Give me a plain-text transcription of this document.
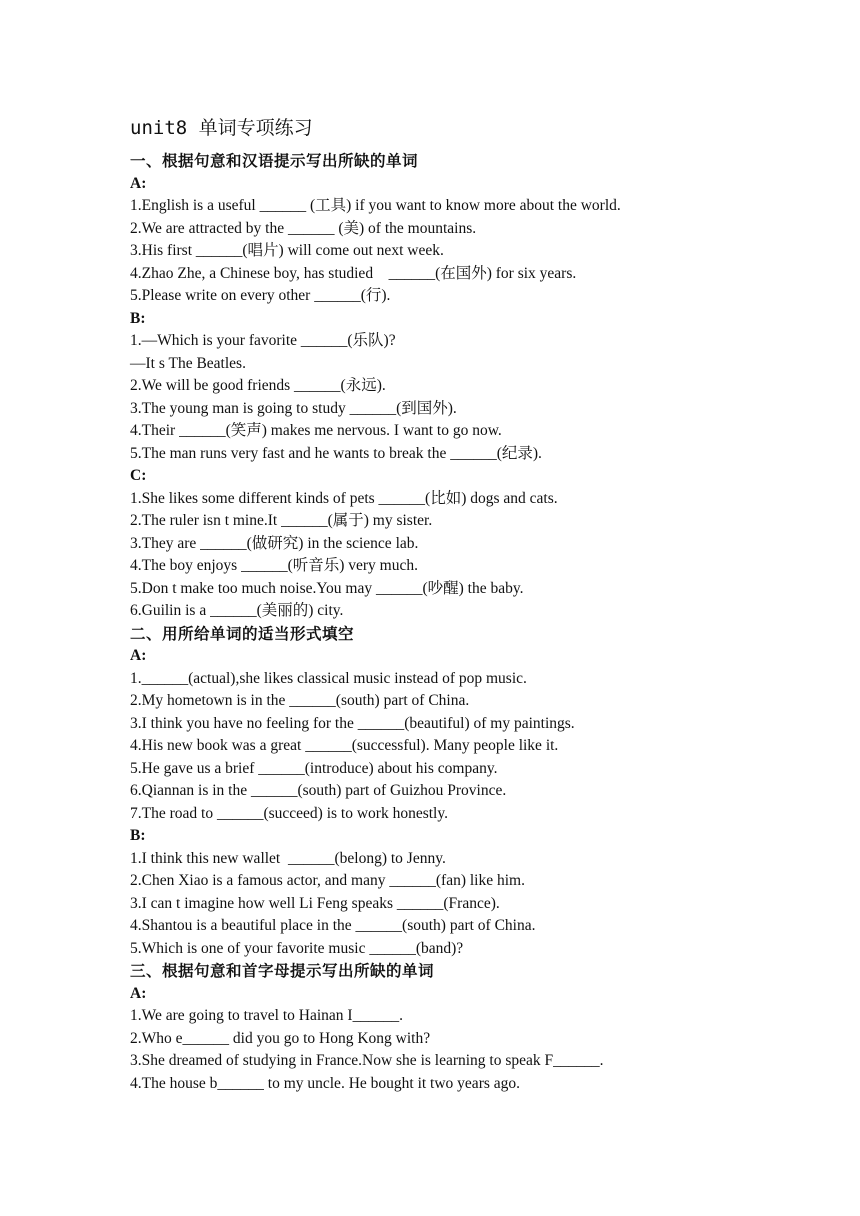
unit8 单词专项练习
一、根据句意和汉语提示写出所缺的单词
A:
1.English is a useful ______ (工具) if you want to know more about the world.
2.We are attracted by the ______ (美) of the mountains.
3.His first ______(唱片) will come out next week.
4.Zhao Zhe, a Chinese boy, has studied    ______(在国外) for six years.
5.Please write on every other ______(行).
B:
1.—Which is your favorite ______(乐队)?
—It s The Beatles.
2.We will be good friends ______(永远).
3.The young man is going to study ______(到国外).
4.Their ______(笑声) makes me nervous. I want to go now.
5.The man runs very fast and he wants to break the ______(纪录).
C:
1.She likes some different kinds of pets ______(比如) dogs and cats.
2.The ruler isn t mine.It ______(属于) my sister.
3.They are ______(做研究) in the science lab.
4.The boy enjoys ______(听音乐) very much.
5.Don t make too much noise.You may ______(吵醒) the baby.
6.Guilin is a ______(美丽的) city.
二、用所给单词的适当形式填空
A:
1.______(actual),she likes classical music instead of pop music.
2.My hometown is in the ______(south) part of China.
3.I think you have no feeling for the ______(beautiful) of my paintings.
4.His new book was a great ______(successful). Many people like it.
5.He gave us a brief ______(introduce) about his company.
6.Qiannan is in the ______(south) part of Guizhou Province.
7.The road to ______(succeed) is to work honestly.
B:
1.I think this new wallet  ______(belong) to Jenny.
2.Chen Xiao is a famous actor, and many ______(fan) like him.
3.I can t imagine how well Li Feng speaks ______(France).
4.Shantou is a beautiful place in the ______(south) part of China.
5.Which is one of your favorite music ______(band)?
三、根据句意和首字母提示写出所缺的单词
A:
1.We are going to travel to Hainan I______.
2.Who e______ did you go to Hong Kong with?
3.She dreamed of studying in France.Now she is learning to speak F______.
4.The house b______ to my uncle. He bought it two years ago.
